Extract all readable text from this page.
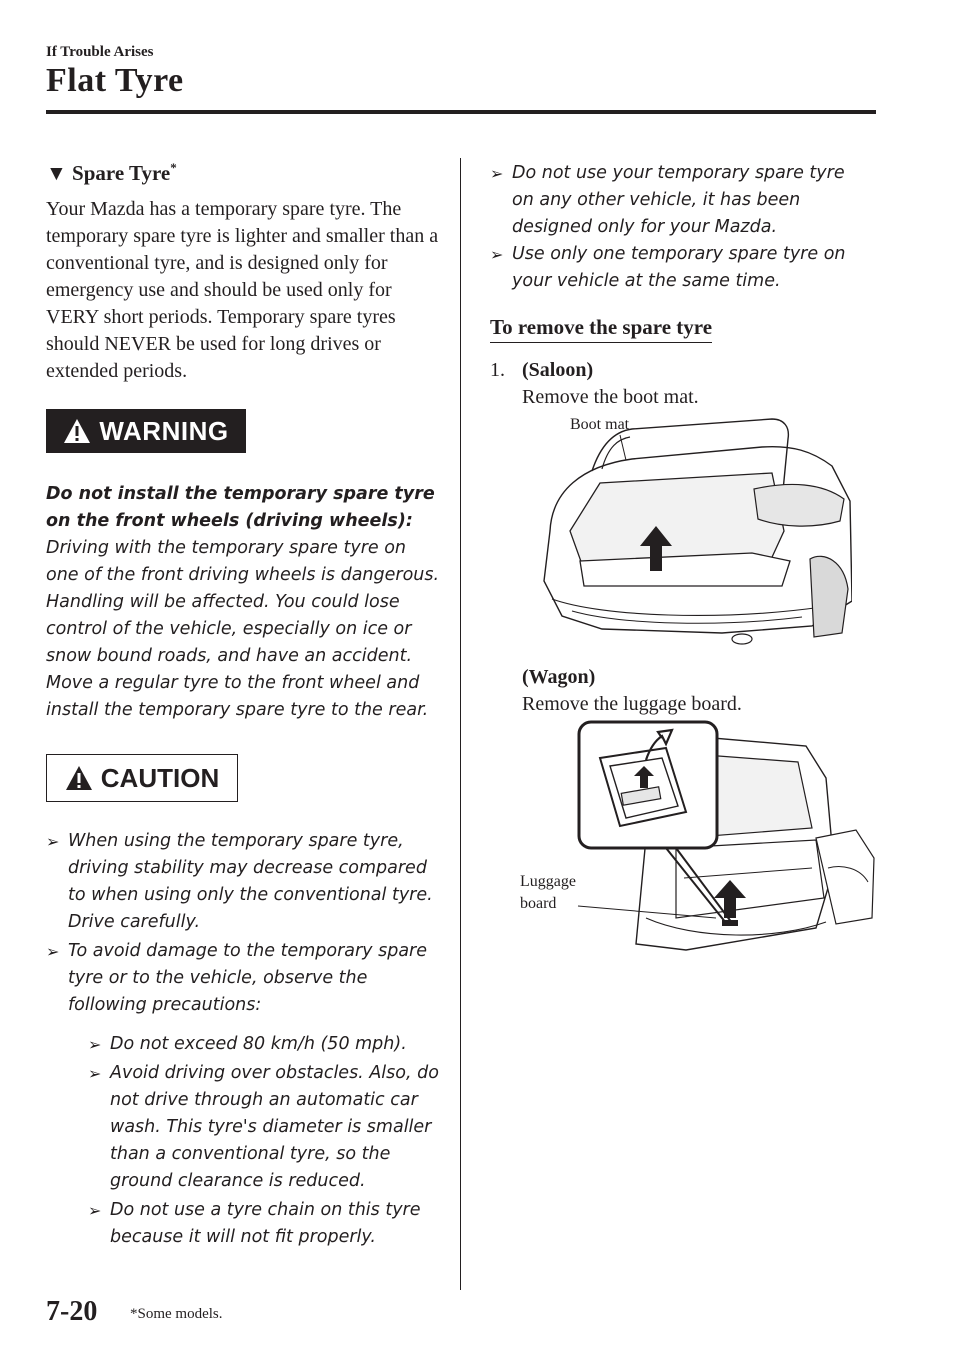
If Trouble Arises
Flat Tyre
▼ Spare Tyre*

Your Mazda has a temporary spare tyre. The temporary spare tyre is lighter and smaller than a conventional tyre, and is designed only for emergency use and should be used only for VERY short periods. Temporary spare tyres should NEVER be used for long drives or extended periods.

WARNING
Do not install the temporary spare tyre on the front wheels (driving wheels):
Driving with the temporary spare tyre on one of the front driving wheels is dangerous. Handling will be affected. You could lose control of the vehicle, especially on ice or snow bound roads, and have an accident. Move a regular tyre to the front wheel and install the temporary spare tyre to the rear.
CAUTION

➢ When using the temporary spare tyre, driving stability may decrease compared to when using only the conventional tyre. Drive carefully.

➢ To avoid damage to the temporary spare tyre or to the vehicle, observe the following precautions:

➢ Do not exceed 80 km/h (50 mph).

➢ Avoid driving over obstacles. Also, do not drive through an automatic car wash. This tyre's diameter is smaller than a conventional tyre, so the ground clearance is reduced.

➢ Do not use a tyre chain on this tyre because it will not fit properly.

➢ Do not use your temporary spare tyre on any other vehicle, it has been designed only for your Mazda.

➢ Use only one temporary spare tyre on your vehicle at the same time.

To remove the spare tyre
1. (Saloon)
Remove the boot mat.
Boot mat
(Wagon)
Remove the luggage board.
Luggage
board
7-20 *Some models.
